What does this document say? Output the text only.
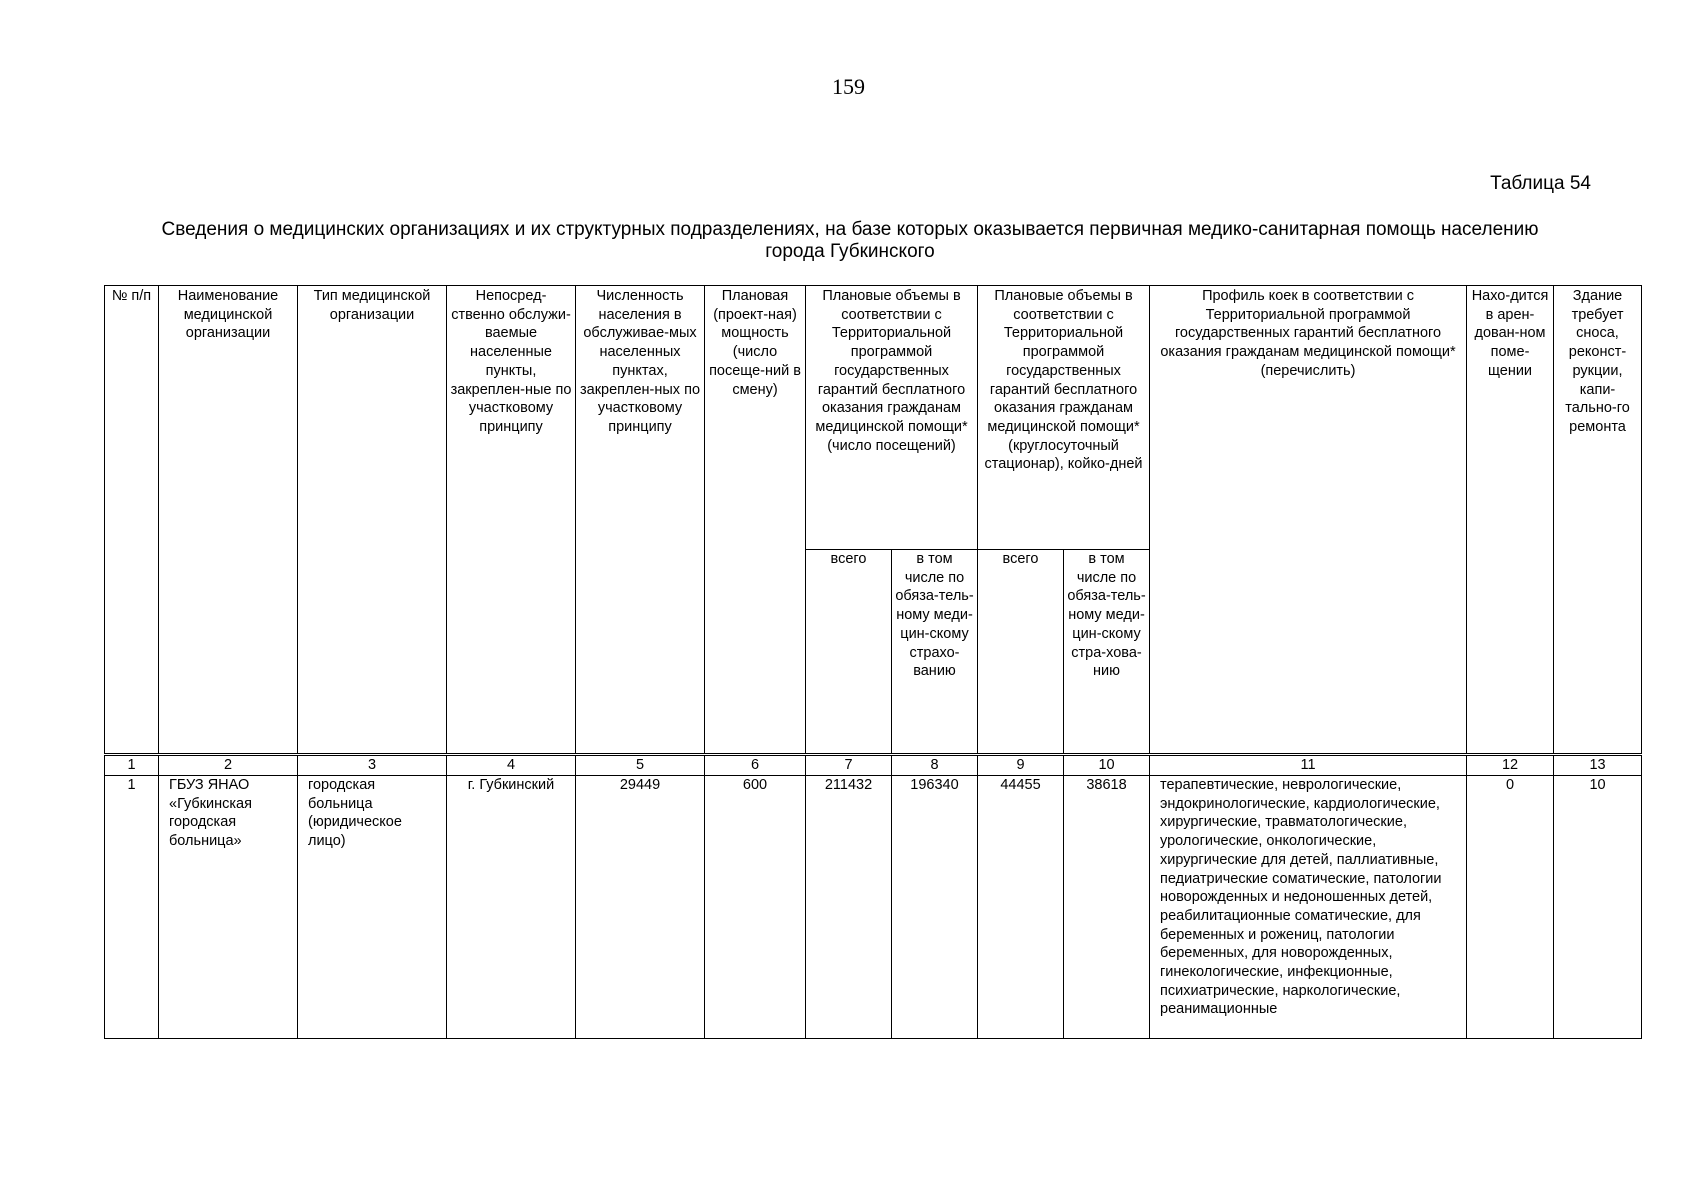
159
Таблица 54
Сведения о медицинских организациях и их структурных подразделениях, на базе которых оказывается первичная медико-санитарная помощь населению
города Губкинского
№ п/п	Наименование медицинской организации	Тип медицинской организации	Непосред-ственно обслужи-ваемые населенные пункты, закреплен-ные по участковому принципу	Численность населения в обслуживае-мых населенных пунктах, закреплен-ных по участковому принципу	Плановая (проект-ная) мощность (число посеще-ний в смену)	Плановые объемы в соответствии с Территориальной программой государственных гарантий бесплатного оказания гражданам медицинской помощи* (число посещений)		Плановые объемы в соответствии с Территориальной программой государственных гарантий бесплатного оказания гражданам медицинской помощи* (круглосуточный стационар), койко-дней		Профиль коек в соответствии с Территориальной программой государственных гарантий бесплатного оказания гражданам медицинской помощи* (перечислить)	Нахо-дится в арен-дован-ном поме-щении	Здание требует сноса, реконст-рукции, капи-тально-го ремонта
						всего	в том числе по обяза-тель-ному меди-цин-скому страхо-ванию	всего	в том числе по обяза-тель-ному меди-цин-скому стра-хова-нию			
1	2	3	4	5	6	7	8	9	10	11	12	13
1	ГБУЗ ЯНАО «Губкинская городская больница»	городская больница (юридическое лицо)	г. Губкинский	29449	600	211432	196340	44455	38618	терапевтические, неврологические, эндокринологические, кардиологические, хирургические, травматологические, урологические, онкологические, хирургические для детей, паллиативные, педиатрические соматические, патологии новорожденных и недоношенных детей, реабилитационные соматические, для беременных и рожениц, патологии беременных, для новорожденных, гинекологические, инфекционные, психиатрические, наркологические, реанимационные	0	10
